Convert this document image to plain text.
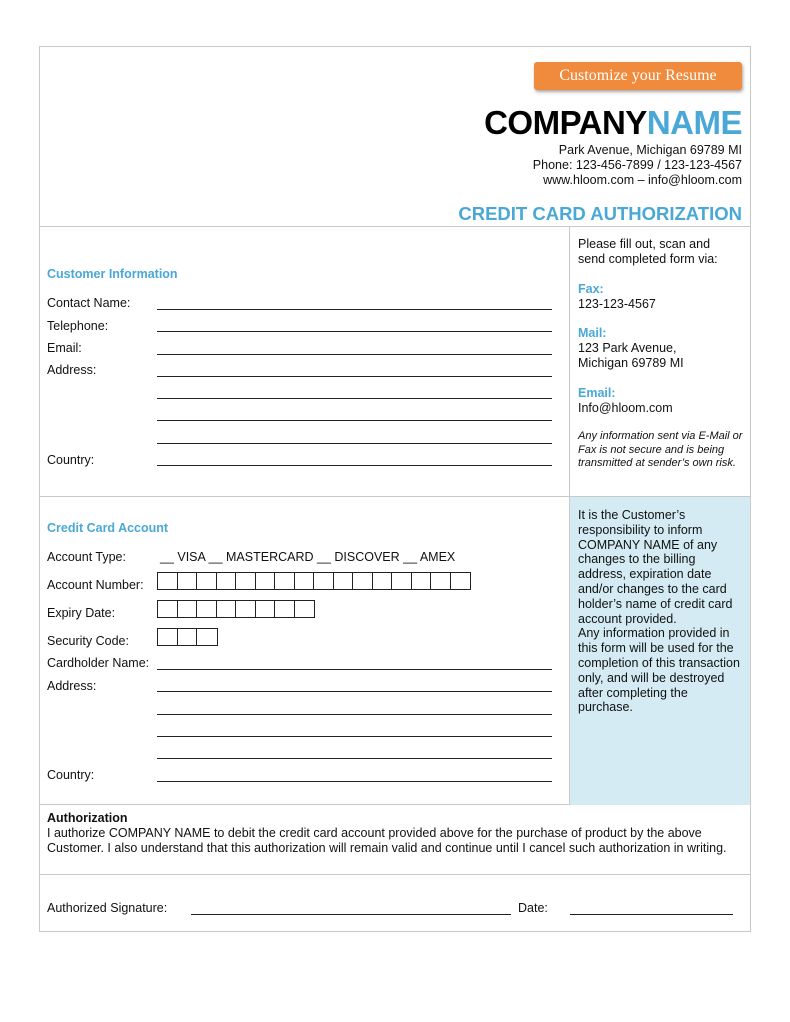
Customize your Resume
COMPANYNAME
Park Avenue, Michigan 69789 MI
Phone: 123-456-7899 / 123-123-4567
www.hloom.com – info@hloom.com
CREDIT CARD AUTHORIZATION
Customer Information
Contact Name:
Telephone:
Email:
Address:
Country:
Please fill out, scan and send completed form via:
Fax:
123-123-4567
Mail:
123 Park Avenue,
Michigan 69789 MI
Email:
Info@hloom.com
Any information sent via E-Mail or Fax is not secure and is being transmitted at sender’s own risk.
Credit Card Account
Account Type:	__ VISA __ MASTERCARD __ DISCOVER __ AMEX
Account Number:
Expiry Date:
Security Code:
Cardholder Name:
Address:
Country:
It is the Customer’s responsibility to inform COMPANY NAME of any changes to the billing address, expiration date and/or changes to the card holder’s name of credit card account provided.
Any information provided in this form will be used for the completion of this transaction only, and will be destroyed after completing the purchase.
Authorization
I authorize COMPANY NAME to debit the credit card account provided above for the purchase of product by the above Customer. I also understand that this authorization will remain valid and continue until I cancel such authorization in writing.
Authorized Signature:	Date:
